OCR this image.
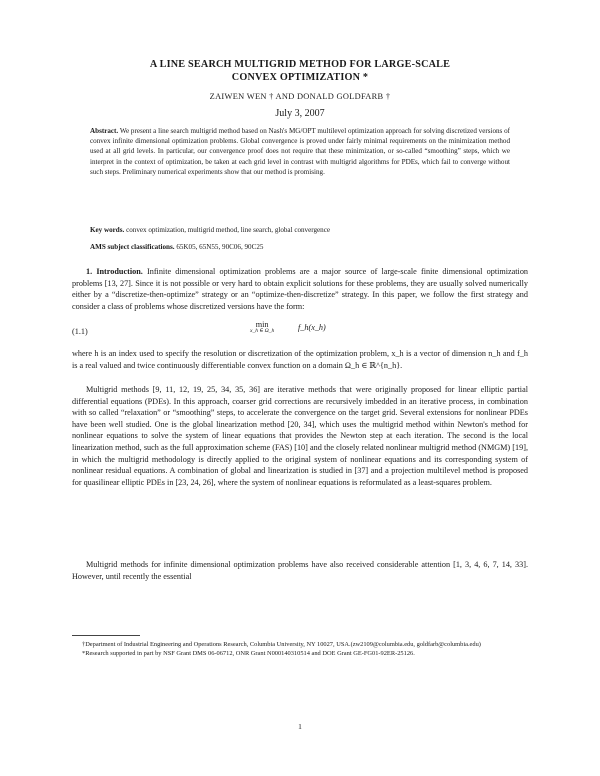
A LINE SEARCH MULTIGRID METHOD FOR LARGE-SCALE
CONVEX OPTIMIZATION *
ZAIWEN WEN † AND DONALD GOLDFARB †
July 3, 2007
Abstract. We present a line search multigrid method based on Nash's MG/OPT multilevel optimization approach for solving discretized versions of convex infinite dimensional optimization problems. Global convergence is proved under fairly minimal requirements on the minimization method used at all grid levels. In particular, our convergence proof does not require that these minimization, or so-called “smoothing” steps, which we interpret in the context of optimization, be taken at each grid level in contrast with multigrid algorithms for PDEs, which fail to converge without such steps. Preliminary numerical experiments show that our method is promising.
Key words. convex optimization, multigrid method, line search, global convergence
AMS subject classifications. 65K05, 65N55, 90C06, 90C25
1. Introduction. Infinite dimensional optimization problems are a major source of large-scale finite dimensional optimization problems [13, 27]. Since it is not possible or very hard to obtain explicit solutions for these problems, they are usually solved numerically either by a “discretize-then-optimize” strategy or an “optimize-then-discretize” strategy. In this paper, we follow the first strategy and consider a class of problems whose discretized versions have the form:
(1.1)
min
x_h ∈ Ω_h	f_h(x_h)
where h is an index used to specify the resolution or discretization of the optimization problem, x_h is a vector of dimension n_h and f_h is a real valued and twice continuously differentiable convex function on a domain Ω_h ∈ ℝ^{n_h}.
Multigrid methods [9, 11, 12, 19, 25, 34, 35, 36] are iterative methods that were originally proposed for linear elliptic partial differential equations (PDEs). In this approach, coarser grid corrections are recursively imbedded in an iterative process, in combination with so called “relaxation” or “smoothing” steps, to accelerate the convergence on the target grid. Several extensions for nonlinear PDEs have been well studied. One is the global linearization method [20, 34], which uses the multigrid method within Newton's method for nonlinear equations to solve the system of linear equations that provides the Newton step at each iteration. The second is the local linearization method, such as the full approximation scheme (FAS) [10] and the closely related nonlinear multigrid method (NMGM) [19], in which the multigrid methodology is directly applied to the original system of nonlinear equations and its corresponding system of nonlinear residual equations. A combination of global and linearization is studied in [37] and a projection multilevel method is proposed for quasilinear elliptic PDEs in [23, 24, 26], where the system of nonlinear equations is reformulated as a least-squares problem.
Multigrid methods for infinite dimensional optimization problems have also received considerable attention [1, 3, 4, 6, 7, 14, 33]. However, until recently the essential

†Department of Industrial Engineering and Operations Research, Columbia University, NY 10027, USA.(zw2109@columbia.edu, goldfarb@columbia.edu)

*Research supported in part by NSF Grant DMS 06-06712, ONR Grant N000140310514 and DOE Grant GE-FG01-92ER-25126.

1
